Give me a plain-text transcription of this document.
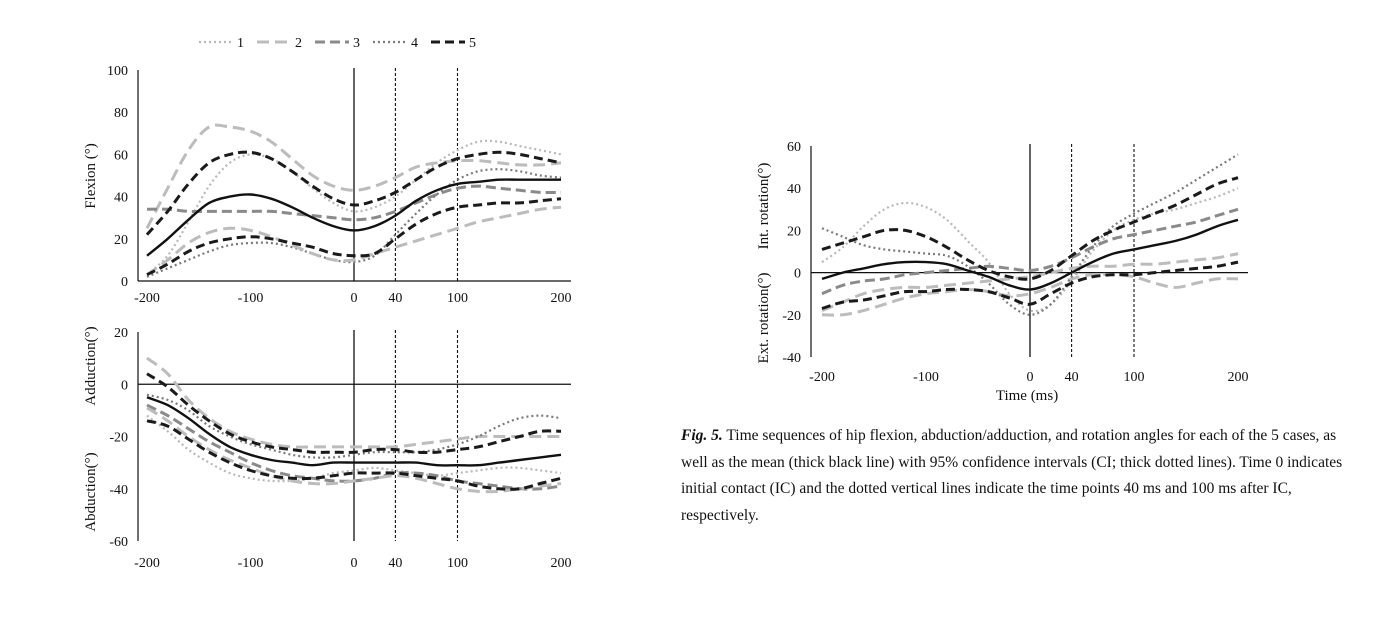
1	2	3	4	5
0
20
40
60
80
100
-200	-100	0 40	100	200
Flexion (°)
-60
-40
-20
0
20
-200	-100	0 40	100	200
Adduction(°)
Abduction(°)
-40
-20
0
20
40
60
-200	-100	0 40	100	200
Int. rotation(°)
Ext. rotation(°)
Time (ms)

Fig. 5. Time sequences of hip flexion, abduction/adduction, and rotation angles for each of the 5 cases, as well as the mean (thick black line) with 95% confidence intervals (CI; thick dotted lines). Time 0 indicates initial contact (IC) and the dotted vertical lines indicate the time points 40 ms and 100 ms after IC, respectively.
